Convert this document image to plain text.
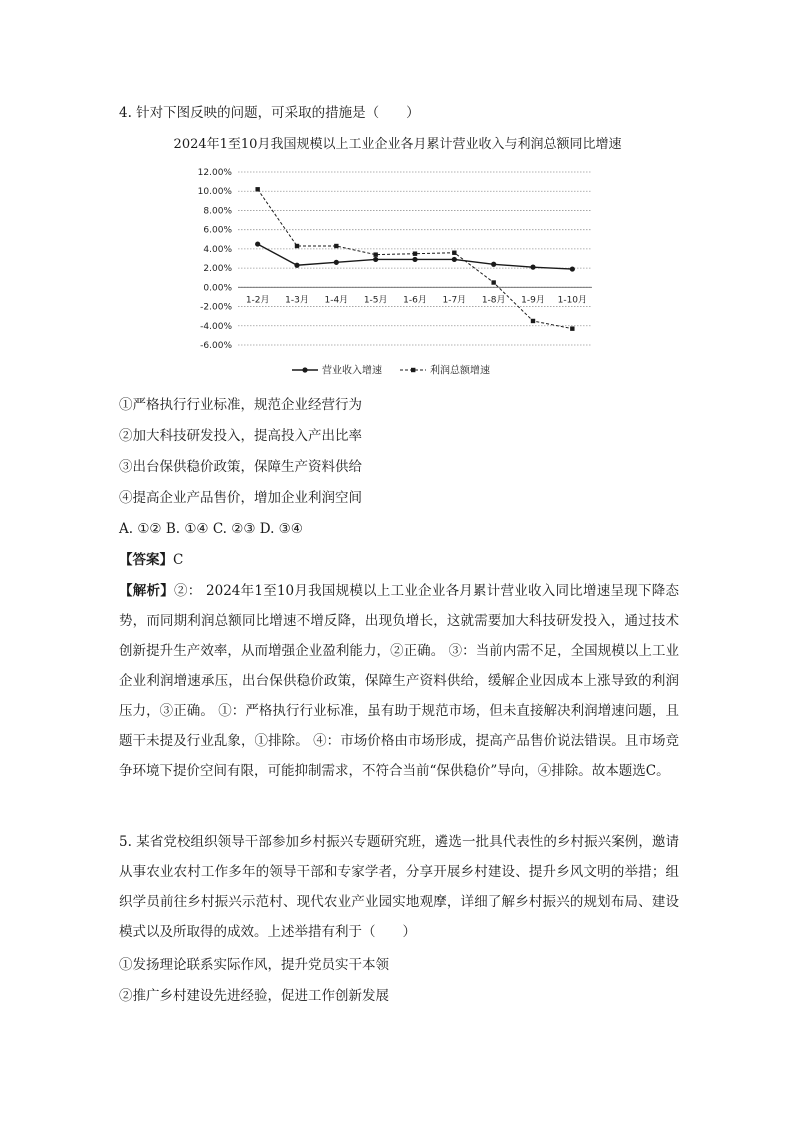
4. 针对下图反映的问题，可采取的措施是（　　）
2024年1至10月我国规模以上工业企业各月累计营业收入与利润总额同比增速
12.00%
10.00%
8.00%
6.00%
4.00%
2.00%
0.00%
-2.00%
-4.00%
-6.00%
1-2月 1-3月 1-4月 1-5月 1-6月 1-7月 1-8月 1-9月 1-10月
营业收入增速	利润总额增速
①严格执行行业标准，规范企业经营行为
②加大科技研发投入，提高投入产出比率
③出台保供稳价政策，保障生产资料供给
④提高企业产品售价，增加企业利润空间
A. ①② B. ①④ C. ②③ D. ③④
【答案】C
【解析】②： 2024年1至10月我国规模以上工业企业各月累计营业收入同比增速呈现下降态势，而同期利润总额同比增速不增反降，出现负增长，这就需要加大科技研发投入，通过技术创新提升生产效率，从而增强企业盈利能力，②正确。 ③：当前内需不足，全国规模以上工业企业利润增速承压，出台保供稳价政策，保障生产资料供给，缓解企业因成本上涨导致的利润压力，③正确。 ①：严格执行行业标准，虽有助于规范市场，但未直接解决利润增速问题，且题干未提及行业乱象，①排除。 ④：市场价格由市场形成，提高产品售价说法错误。且市场竞争环境下提价空间有限，可能抑制需求，不符合当前“保供稳价”导向，④排除。故本题选C。
5. 某省党校组织领导干部参加乡村振兴专题研究班，遴选一批具代表性的乡村振兴案例，邀请从事农业农村工作多年的领导干部和专家学者，分享开展乡村建设、提升乡风文明的举措；组织学员前往乡村振兴示范村、现代农业产业园实地观摩，详细了解乡村振兴的规划布局、建设模式以及所取得的成效。上述举措有利于（　　）
①发扬理论联系实际作风，提升党员实干本领
②推广乡村建设先进经验，促进工作创新发展
